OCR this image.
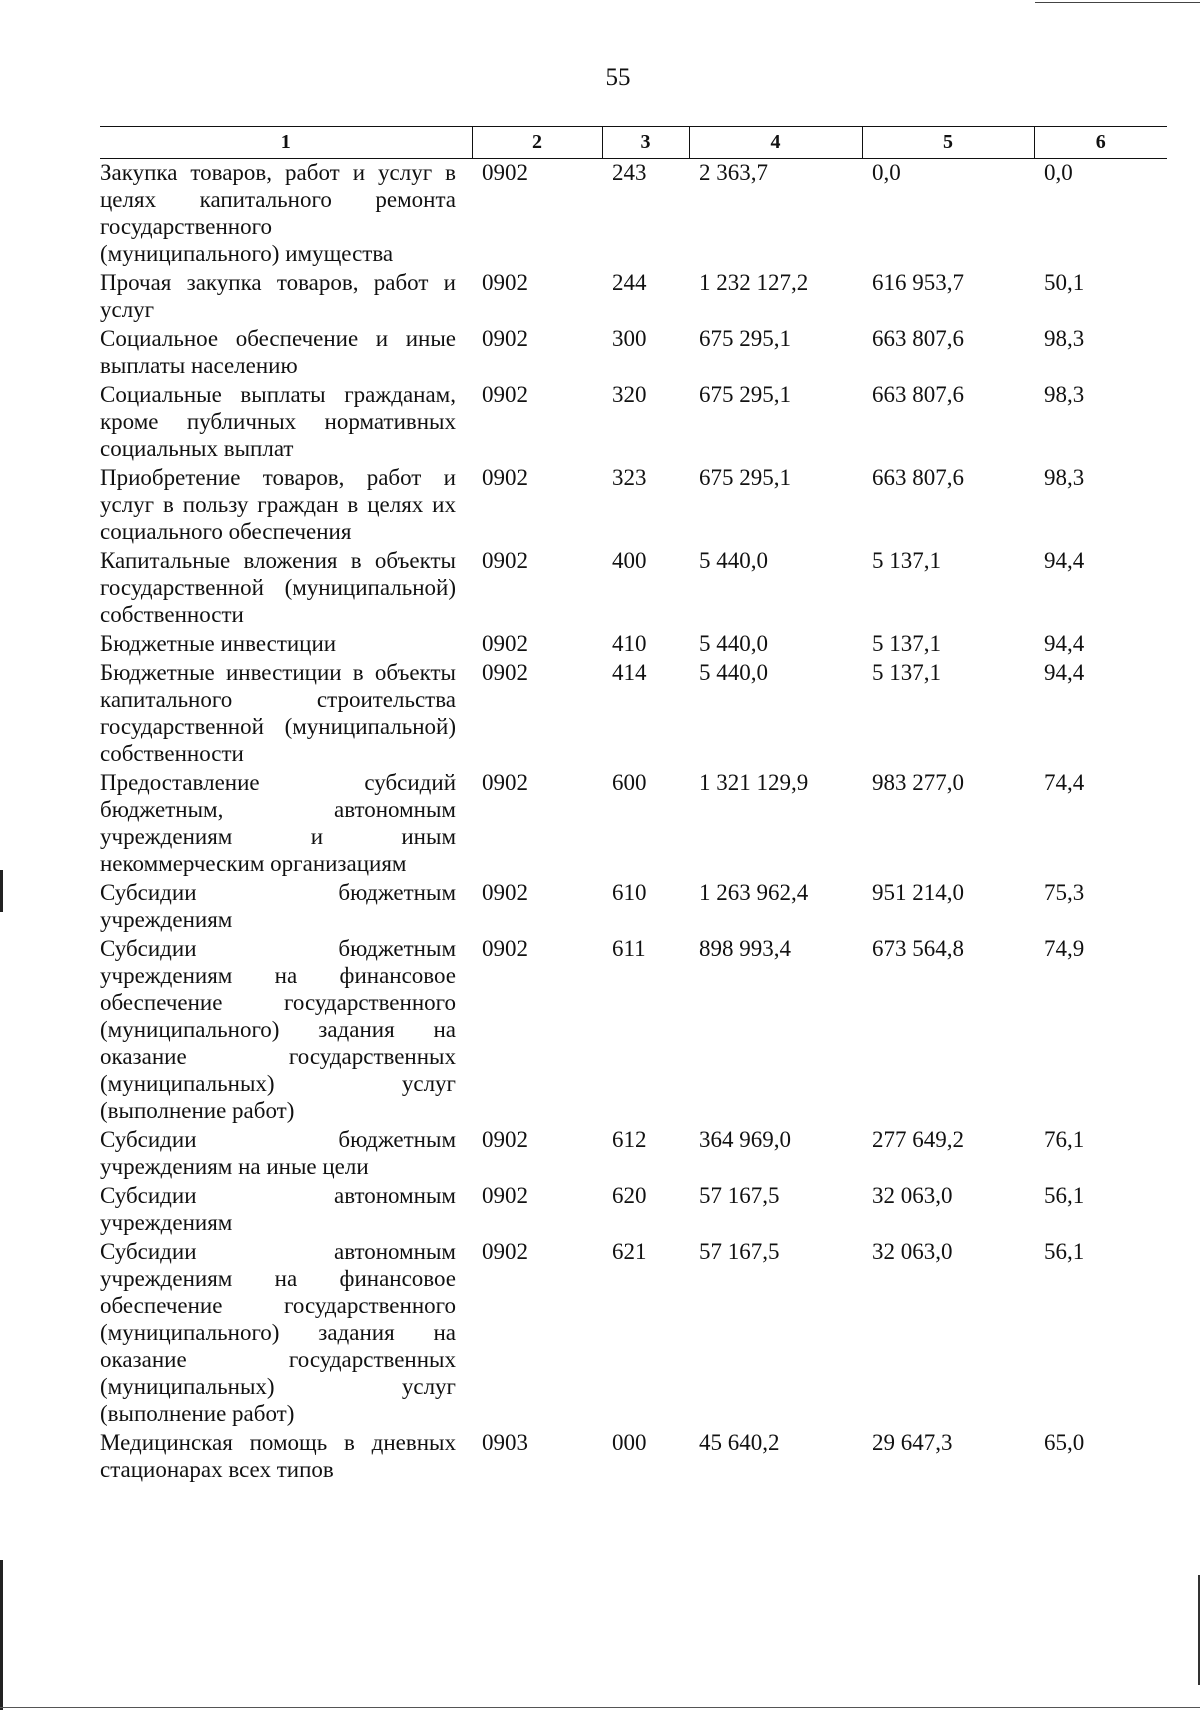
55
1	2	3	4	5	6
Закупка товаров, работ и услуг в целях капитального ремонта государственного (муниципального) имущества	0902	243	2 363,7	0,0	0,0
Прочая закупка товаров, работ и услуг	0902	244	1 232 127,2	616 953,7	50,1
Социальное обеспечение и иные выплаты населению	0902	300	675 295,1	663 807,6	98,3
Социальные выплаты гражданам, кроме публичных нормативных социальных выплат	0902	320	675 295,1	663 807,6	98,3
Приобретение товаров, работ и услуг в пользу граждан в целях их социального обеспечения	0902	323	675 295,1	663 807,6	98,3
Капитальные вложения в объекты государственной (муниципальной) собственности	0902	400	5 440,0	5 137,1	94,4
Бюджетные инвестиции	0902	410	5 440,0	5 137,1	94,4
Бюджетные инвестиции в объекты капитального строительства государственной (муниципальной) собственности	0902	414	5 440,0	5 137,1	94,4
Предоставление субсидий бюджетным, автономным учреждениям и иным некоммерческим организациям	0902	600	1 321 129,9	983 277,0	74,4
Субсидии бюджетным учреждениям	0902	610	1 263 962,4	951 214,0	75,3
Субсидии бюджетным учреждениям на финансовое обеспечение государственного (муниципального) задания на оказание государственных (муниципальных) услуг (выполнение работ)	0902	611	898 993,4	673 564,8	74,9
Субсидии бюджетным учреждениям на иные цели	0902	612	364 969,0	277 649,2	76,1
Субсидии автономным учреждениям	0902	620	57 167,5	32 063,0	56,1
Субсидии автономным учреждениям на финансовое обеспечение государственного (муниципального) задания на оказание государственных (муниципальных) услуг (выполнение работ)	0902	621	57 167,5	32 063,0	56,1
Медицинская помощь в дневных стационарах всех типов	0903	000	45 640,2	29 647,3	65,0
